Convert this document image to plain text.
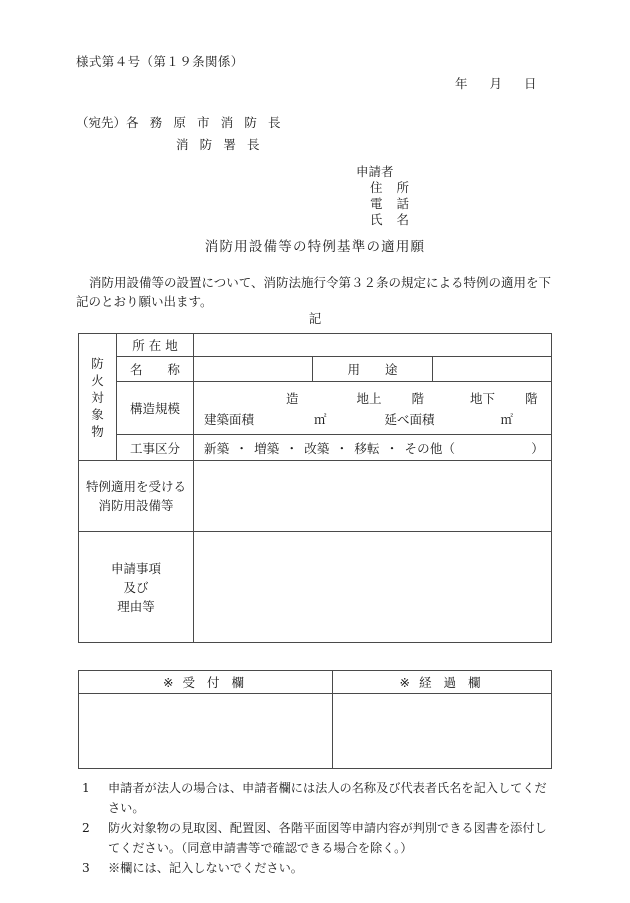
様式第４号（第１９条関係）
年 月 日
（宛先）各 務 原 市 消 防 長
消 防 署 長
申請者
住 所
電 話
氏 名
消防用設備等の特例基準の適用願
消防用設備等の設置について、消防法施行令第３２条の規定による特例の適用を下記のとおり願い出ます。
記
防
火
対
象
物	所 在 地			
	名　　称		用　　途	
	構造規模	造 地上 階 地下 階
建築面積 ㎡ 延べ面積 ㎡		

	工事区分	新築 ・ 増築 ・ 改築 ・ 移転 ・ その他（ ）		

特例適用を受ける
消防用設備等				

申請事項
及び
理由等				

※ 受 付 欄	※ 経 過 欄

1 申請者が法人の場合は、申請者欄には法人の名称及び代表者氏名を記入してください。
2 防火対象物の見取図、配置図、各階平面図等申請内容が判別できる図書を添付してください。（同意申請書等で確認できる場合を除く。）
3 ※欄には、記入しないでください。
